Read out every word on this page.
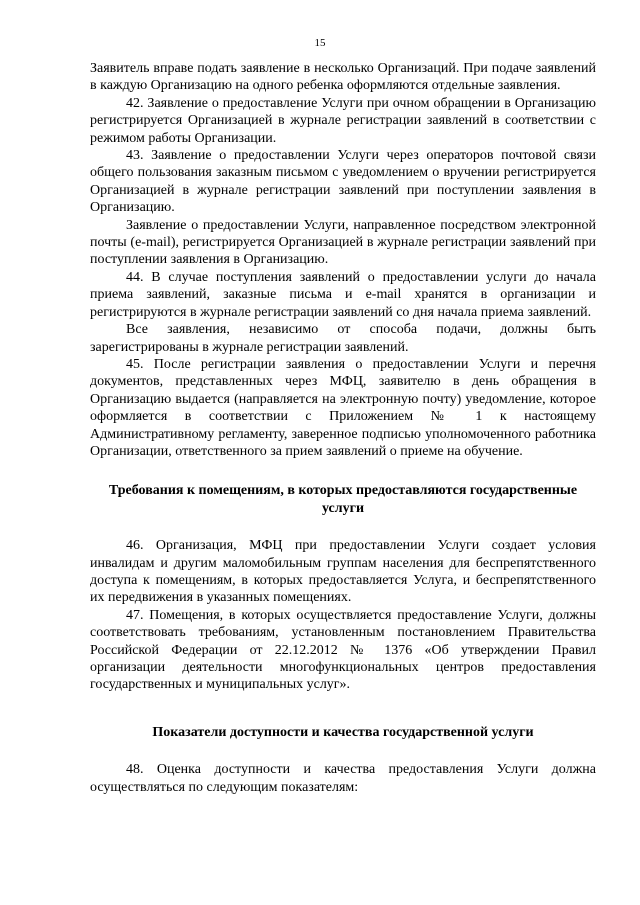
15

Заявитель вправе подать заявление в несколько Организаций. При подаче заявлений в каждую Организацию на одного ребенка оформляются отдельные заявления.

42. Заявление о предоставление Услуги при очном обращении в Организацию регистрируется Организацией в журнале регистрации заявлений в соответствии с режимом работы Организации.

43. Заявление о предоставлении Услуги через операторов почтовой связи общего пользования заказным письмом с уведомлением о вручении регистрируется Организацией в журнале регистрации заявлений при поступлении заявления в Организацию.

Заявление о предоставлении Услуги, направленное посредством электронной почты (e-mail), регистрируется Организацией в журнале регистрации заявлений при поступлении заявления в Организацию.

44. В случае поступления заявлений о предоставлении услуги до начала приема заявлений, заказные письма и e-mail хранятся в организации и регистрируются в журнале регистрации заявлений со дня начала приема заявлений.

Все заявления, независимо от способа подачи, должны быть зарегистрированы в журнале регистрации заявлений.

45. После регистрации заявления о предоставлении Услуги и перечня документов, представленных через МФЦ, заявителю в день обращения в Организацию выдается (направляется на электронную почту) уведомление, которое оформляется в соответствии с Приложением № 1 к настоящему Административному регламенту, заверенное подписью уполномоченного работника Организации, ответственного за прием заявлений о приеме на обучение.

Требования к помещениям, в которых предоставляются государственные услуги

46. Организация, МФЦ при предоставлении Услуги создает условия инвалидам и другим маломобильным группам населения для беспрепятственного доступа к помещениям, в которых предоставляется Услуга, и беспрепятственного их передвижения в указанных помещениях.

47. Помещения, в которых осуществляется предоставление Услуги, должны соответствовать требованиям, установленным постановлением Правительства Российской Федерации от 22.12.2012 № 1376 «Об утверждении Правил организации деятельности многофункциональных центров предоставления государственных и муниципальных услуг».

Показатели доступности и качества государственной услуги

48. Оценка доступности и качества предоставления Услуги должна осуществляться по следующим показателям:
